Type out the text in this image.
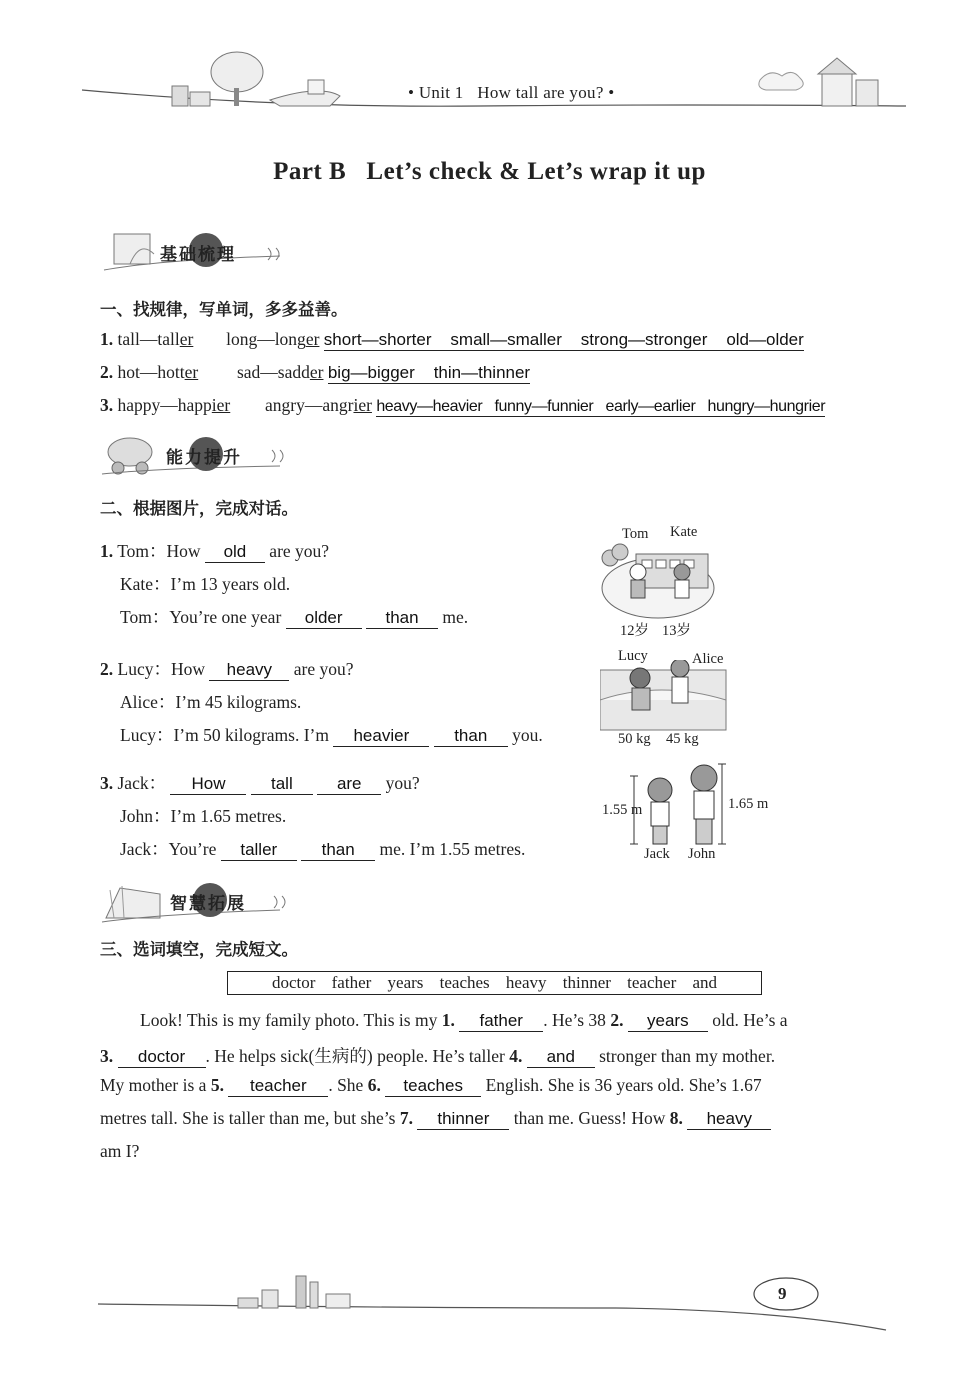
• Unit 1 How tall are you? •
Part B   Let’s check & Let’s wrap it up
基础梳理
一、找规律，写单词，多多益善。
1. tall—taller long—longer short—shorter small—smaller strong—stronger old—older
2. hot—hotter sad—sadder big—bigger thin—thinner
3. happy—happier angry—angrier heavy—heavier funny—funnier early—earlier hungry—hungrier
能力提升
二、根据图片，完成对话。
1. Tom：How old are you?
Kate：I’m 13 years old.
Tom：You’re one year older	than me.
Tom Kate
12岁 13岁
2. Lucy：How heavy are you?
Alice：I’m 45 kilograms.
Lucy：I’m 50 kilograms. I’m heavier	than you.
Lucy	Alice
50 kg 45 kg
3. Jack： How	tall	are you?
John：I’m 1.65 metres.
Jack：You’re taller	than me. I’m 1.55 metres.
1.55 m	1.65 m
Jack John
智慧拓展
三、选词填空，完成短文。
doctor father years teaches heavy thinner teacher and
Look! This is my family photo. This is my 1. father . He’s 38 2. years old. He’s a
3. doctor . He helps sick(生病的) people. He’s taller 4. and stronger than my mother.
My mother is a 5. teacher . She 6. teaches English. She is 36 years old. She’s 1.67
metres tall. She is taller than me, but she’s 7. thinner than me. Guess! How 8. heavy
am I?
9
